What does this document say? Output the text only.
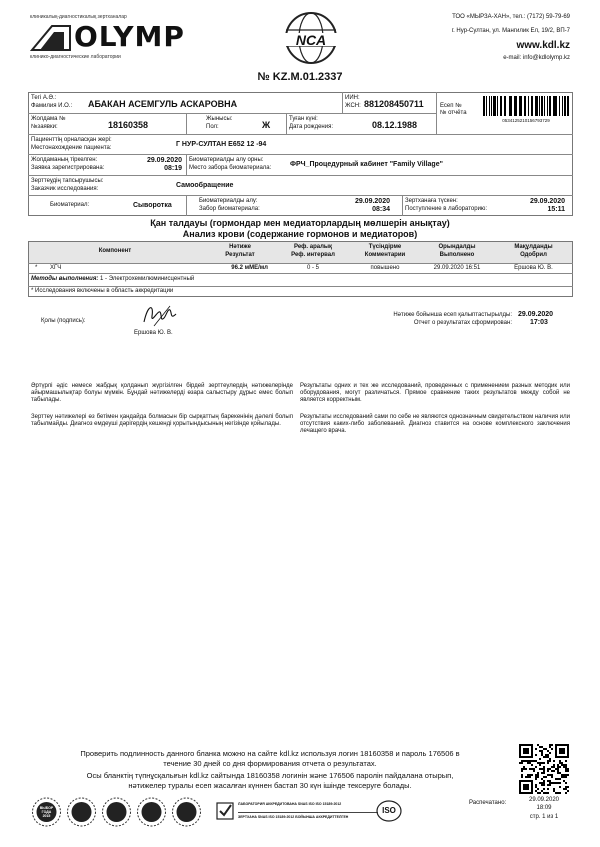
клиникалық-диагностикалық зертханалар
OLYMP
клинико-диагностические лаборатории
NCA
ТОО «МЫРЗА-ХАН», тел.: (7172) 59-79-69
г. Нур-Султан, ул. Мангилик Ел, 19/2, ВП-7
www.kdl.kz
e-mail: info@kdlolymp.kz
№ KZ.M.01.2337
Тегі А.Ә.:
Фамилия И.О.: АБАКАН АСЕМГУЛЬ АСКАРОВНА
ИИН:
ЖСН: 881208450711	Есеп №
№ отчёта
0534125210156793729
Жолдама №
№заявки:	18160358
Жынысы:
Пол:	Ж
Туған күні:
Дата рождения:	08.12.1988
Пациенттің орналасқан жері:
Местонахождение пациента:	Г НУР-СУЛТАН E652 12 -94
Жолдаманың тіркелген:
Заявка зарегистрирована:
29.09.2020
08:19
Биоматериалды алу орны:
Место забора биоматериала:	ФРЧ_Процедурный кабинет "Family Village"
Зерттеудің тапсырушысы:
Заказчик исследования:	Самообращение
Биоматериал:	Сыворотка
Биоматериалды алу:
Забор биоматериала:
29.09.2020
08:34
Зертханаға түскен:
Поступление в лабораторию:
29.09.2020
15:11
Қан талдауы (гормондар мен медиаторлардың мөлшерін анықтау)
Анализ крови (содержание гормонов и медиаторов)
Компонент
Нәтиже
Результат
Реф. аралық
Реф. интервал
Түсіндірме
Комментарии
Орындалды
Выполнено
Мақұлданды
Одобрил
* ХГЧ	96.2 мМЕ/мл	0 - 5	повышено	29.09.2020 16:51	Ершова Ю. В.
Методы выполнения: 1 - Электрохемилюминисцентный
* Исследования включены в область аккредитации
Қолы (подпись):
Ершова Ю. В.
Нәтиже бойынша есеп қалыптастырылды:
Отчет о результатах сформирован:
29.09.2020
17:03
Әртүрлі әдіс немесе жабдық қолданып жүргізілген бірдей зерттеулердің нәтижелерінде айырмашылықтар болуы мүмкін. Бұндай нәтижелерді өзара салыстыру дұрыс емес болып табылады.
Зерттеу нәтижелері өз бетімен қандайда болмасын бір сырқаттың барекенінің дәлелі болып табылмайды. Диагноз емдеуші дәрігердің кешенді қорытындысының негізінде қойылады.
Результаты одних и тех же исследований, проведенных с применением разных методик или оборудования, могут различаться. Прямое сравнение таких результатов между собой не является корректным.
Результаты исследований сами по себе не являются однозначным свидетельством наличия или отсутствия каких-либо заболеваний. Диагноз ставится на основе комплексного заключения лечащего врача.
Проверить подлинность данного бланка можно на сайте kdl.kz используя логин 18160358 и пароль 176506 в
течение 30 дней со дня формирования отчета о результатах.
Осы бланктің түпнұсқалығын kdl.kz сайтында 18160358 логинін және 176506 паролін пайдалана отырып,
нәтижелер туралы есеп жасалған күннен бастап 30 күн ішінде тексеруге болады.
ВЫБОР ГОДА
2015
ЛАБОРАТОРИЯ АККРЕДИТОВАНА SNAS ISO ISO 15189:2012
ЗЕРТХАНА SNAS ISO 15189:2012 БОЙЫНША АККРЕДИТТЕЛГЕН
ISO
Распечатано:	29.09.2020
18:09
стр. 1 из 1
